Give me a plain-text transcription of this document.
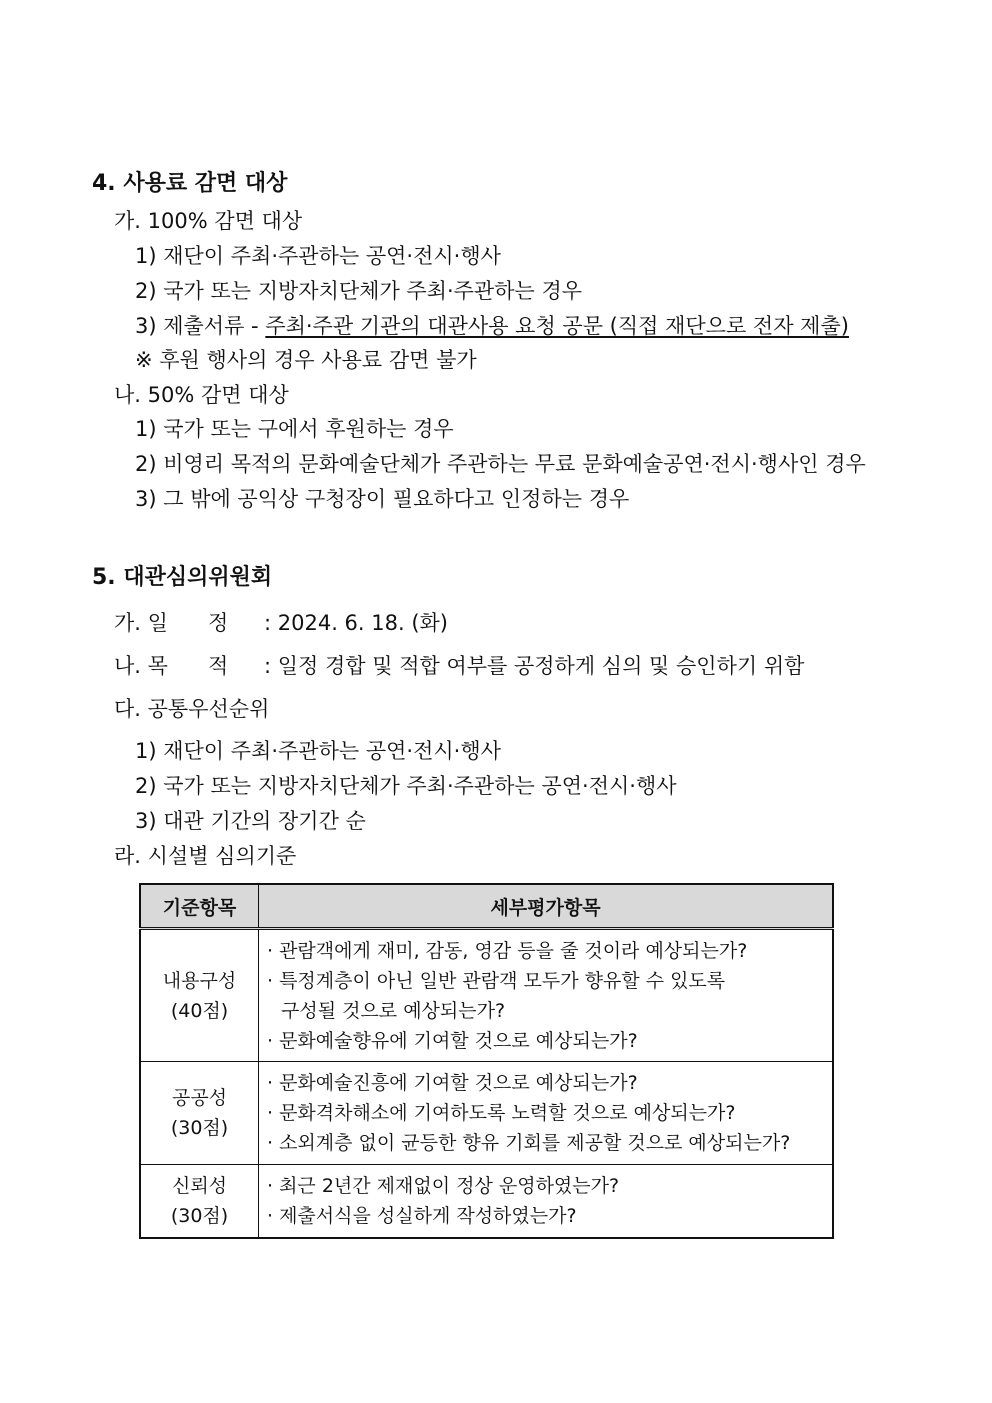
4. 사용료 감면 대상
가. 100% 감면 대상
1) 재단이 주최·주관하는 공연·전시·행사
2) 국가 또는 지방자치단체가 주최·주관하는 경우
3) 제출서류 - 주최·주관 기관의 대관사용 요청 공문 (직접 재단으로 전자 제출)
※ 후원 행사의 경우 사용료 감면 불가
나. 50% 감면 대상
1) 국가 또는 구에서 후원하는 경우
2) 비영리 목적의 문화예술단체가 주관하는 무료 문화예술공연·전시·행사인 경우
3) 그 밖에 공익상 구청장이 필요하다고 인정하는 경우
5. 대관심의위원회
가. 일      정 : 2024. 6. 18. (화)
나. 목      적 : 일정 경합 및 적합 여부를 공정하게 심의 및 승인하기 위함
다. 공통우선순위
1) 재단이 주최·주관하는 공연·전시·행사
2) 국가 또는 지방자치단체가 주최·주관하는 공연·전시·행사
3) 대관 기간의 장기간 순
라. 시설별 심의기준
기준항목	세부평가항목

내용구성
(40점)	· 관람객에게 재미, 감동, 영감 등을 줄 것이라 예상되는가?
· 특정계층이 아닌 일반 관람객 모두가 향유할 수 있도록
구성될 것으로 예상되는가?
· 문화예술향유에 기여할 것으로 예상되는가?

공공성
(30점)	· 문화예술진흥에 기여할 것으로 예상되는가?
· 문화격차해소에 기여하도록 노력할 것으로 예상되는가?
· 소외계층 없이 균등한 향유 기회를 제공할 것으로 예상되는가?

신뢰성
(30점)	· 최근 2년간 제재없이 정상 운영하였는가?
· 제출서식을 성실하게 작성하였는가?
